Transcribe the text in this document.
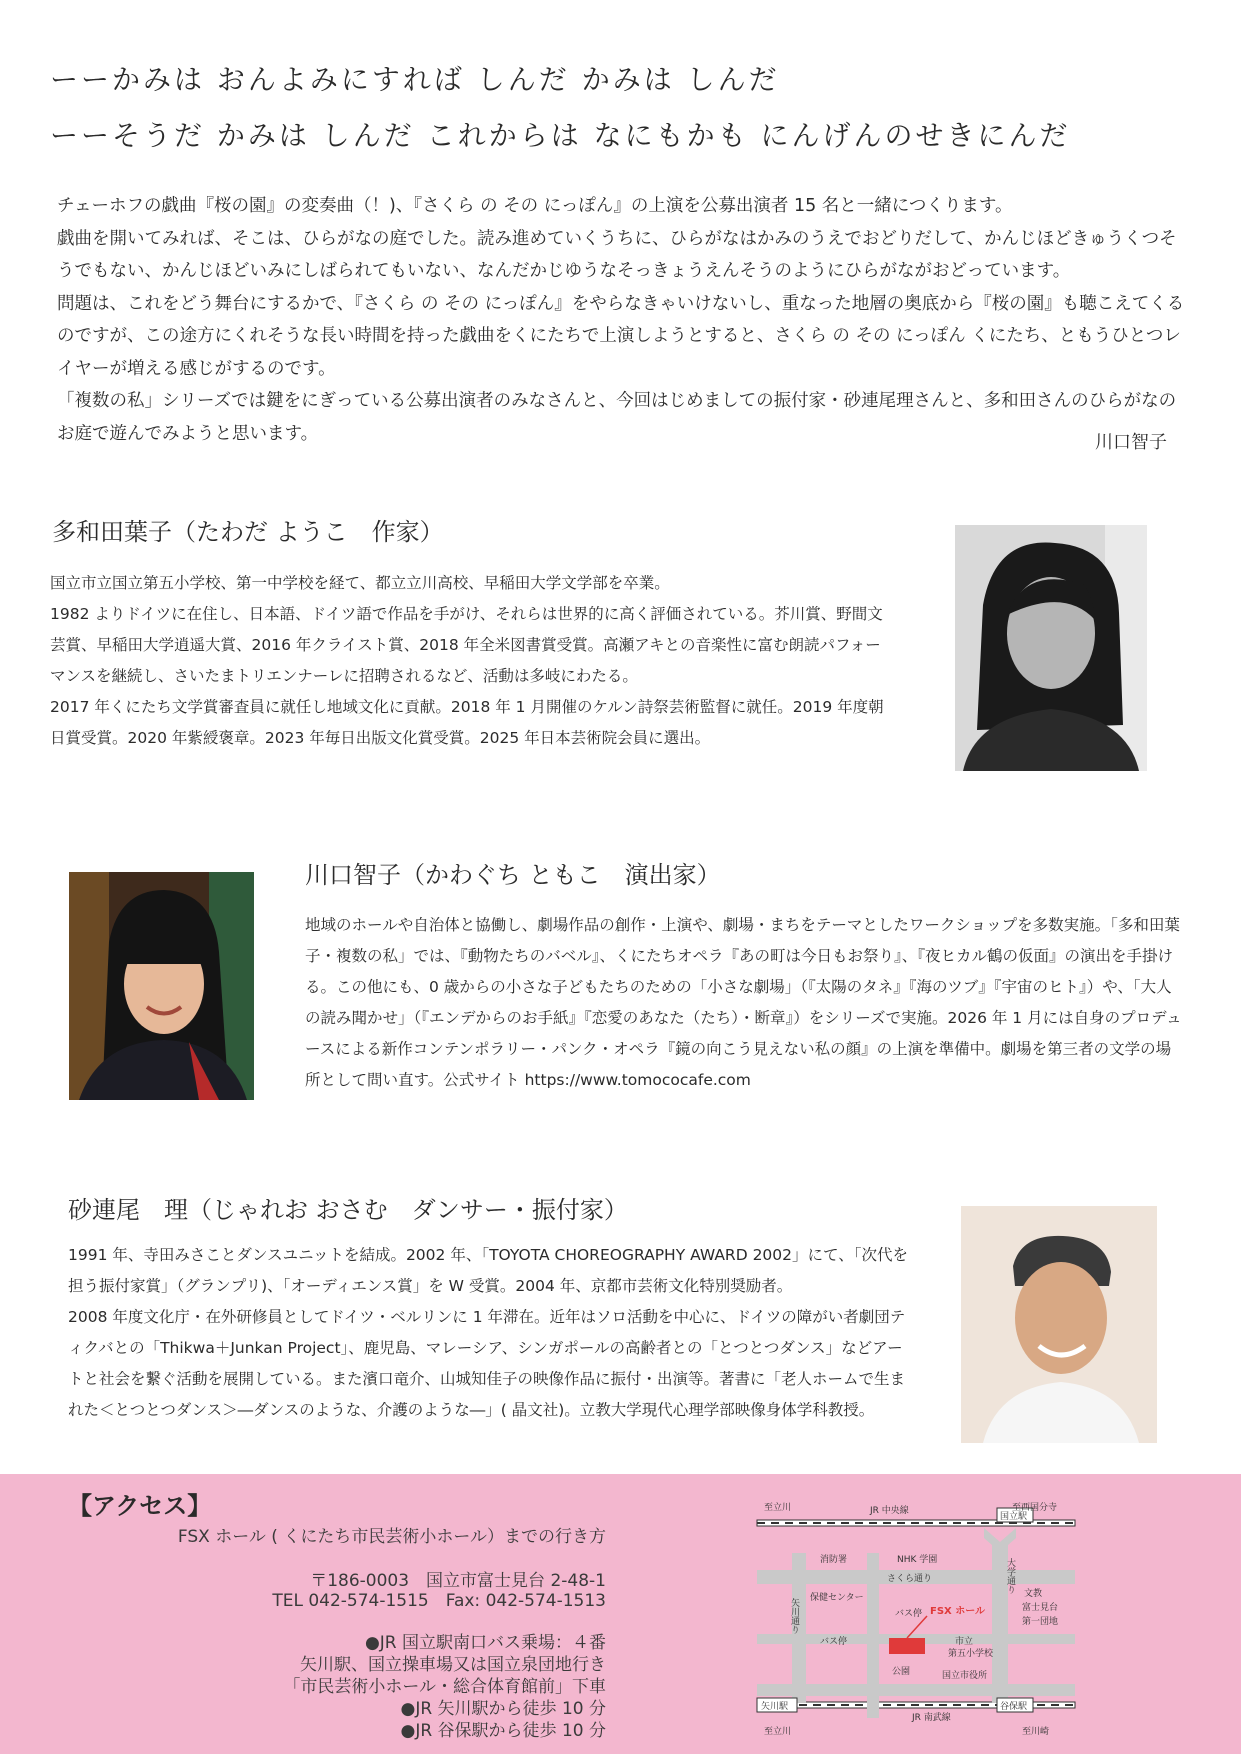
ーーかみは おんよみにすれば しんだ かみは しんだ
ーーそうだ かみは しんだ これからは なにもかも にんげんのせきにんだ

チェーホフの戯曲『桜の園』の変奏曲（！)、『さくら の その にっぽん』の上演を公募出演者 15 名と一緒につくります。

戯曲を開いてみれば、そこは、ひらがなの庭でした。読み進めていくうちに、ひらがなはかみのうえでおどりだして、かんじほどきゅうくつそうでもない、かんじほどいみにしばられてもいない、なんだかじゆうなそっきょうえんそうのようにひらがながおどっています。

問題は、これをどう舞台にするかで、『さくら の その にっぽん』をやらなきゃいけないし、重なった地層の奥底から『桜の園』も聴こえてくるのですが、この途方にくれそうな長い時間を持った戯曲をくにたちで上演しようとすると、さくら の その にっぽん くにたち、ともうひとつレイヤーが増える感じがするのです。

「複数の私」シリーズでは鍵をにぎっている公募出演者のみなさんと、今回はじめましての振付家・砂連尾理さんと、多和田さんのひらがなのお庭で遊んでみようと思います。	川口智子
多和田葉子（たわだ ようこ　作家）

国立市立国立第五小学校、第一中学校を経て、都立立川高校、早稲田大学文学部を卒業。

1982 よりドイツに在住し、日本語、ドイツ語で作品を手がけ、それらは世界的に高く評価されている。芥川賞、野間文芸賞、早稲田大学逍遥大賞、2016 年クライスト賞、2018 年全米図書賞受賞。高瀬アキとの音楽性に富む朗読パフォーマンスを継続し、さいたまトリエンナーレに招聘されるなど、活動は多岐にわたる。

2017 年くにたち文学賞審査員に就任し地域文化に貢献。2018 年 1 月開催のケルン詩祭芸術監督に就任。2019 年度朝日賞受賞。2020 年紫綬褒章。2023 年毎日出版文化賞受賞。2025 年日本芸術院会員に選出。

川口智子（かわぐち ともこ　演出家）

地域のホールや自治体と協働し、劇場作品の創作・上演や、劇場・まちをテーマとしたワークショップを多数実施。「多和田葉子・複数の私」では、『動物たちのバベル』、くにたちオペラ『あの町は今日もお祭り』、『夜ヒカル鶴の仮面』の演出を手掛ける。この他にも、0 歳からの小さな子どもたちのための「小さな劇場」（『太陽のタネ』『海のツブ』『宇宙のヒト』）や、「大人の読み聞かせ」（『エンデからのお手紙』『恋愛のあなた（たち）・断章』）をシリーズで実施。2026 年 1 月には自身のプロデュースによる新作コンテンポラリー・パンク・オペラ『鏡の向こう見えない私の顔』の上演を準備中。劇場を第三者の文学の場所として問い直す。公式サイト https://www.tomococafe.com

砂連尾　理（じゃれお おさむ　ダンサー・振付家）

1991 年、寺田みさことダンスユニットを結成。2002 年、「TOYOTA CHOREOGRAPHY AWARD 2002」にて、「次代を担う振付家賞」（グランプリ)、「オーディエンス賞」を W 受賞。2004 年、京都市芸術文化特別奨励者。

2008 年度文化庁・在外研修員としてドイツ・ベルリンに 1 年滞在。近年はソロ活動を中心に、ドイツの障がい者劇団ティクバとの「Thikwa＋Junkan Project」、鹿児島、マレーシア、シンガポールの高齢者との「とつとつダンス」などアートと社会を繋ぐ活動を展開している。また濱口竜介、山城知佳子の映像作品に振付・出演等。著書に「老人ホームで生まれた＜とつとつダンス＞―ダンスのような、介護のような―」( 晶文社)。立教大学現代心理学部映像身体学科教授。

【アクセス】
FSX ホール ( くにたち市民芸術小ホール）までの行き方
〒186-0003　国立市富士見台 2-48-1
TEL 042-574-1515　Fax: 042-574-1513
●JR 国立駅南口バス乗場：４番
矢川駅、国立操車場又は国立泉団地行き
「市民芸術小ホール・総合体育館前」下車
●JR 矢川駅から徒歩 10 分
●JR 谷保駅から徒歩 10 分
至立川	JR 中央線	至西国分寺
国立駅
消防署	NHK 学園
さくら通り
保健センター
バス停
バス停	市立
第五小学校
公園	国立市役所
文教
富士見台
第一団地
矢川駅	谷保駅
JR 南武線
至立川	至川崎
FSX ホール
矢川通り
大学通り
